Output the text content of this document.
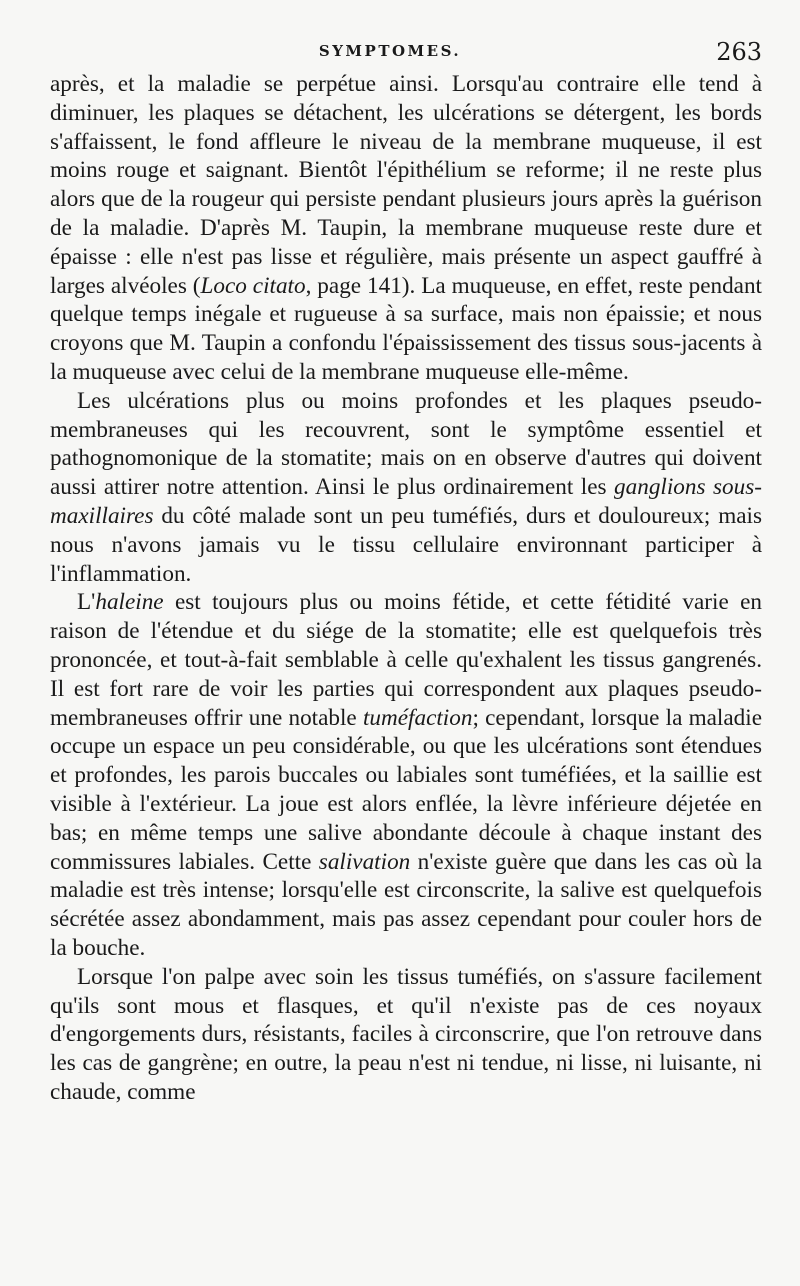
SYMPTOMES.	263

après, et la maladie se perpétue ainsi. Lorsqu'au contraire elle tend à diminuer, les plaques se détachent, les ulcérations se détergent, les bords s'affaissent, le fond affleure le niveau de la membrane muqueuse, il est moins rouge et saignant. Bientôt l'épithélium se reforme; il ne reste plus alors que de la rougeur qui persiste pendant plusieurs jours après la guérison de la maladie. D'après M. Taupin, la membrane muqueuse reste dure et épaisse : elle n'est pas lisse et régulière, mais présente un aspect gauffré à larges alvéoles (Loco citato, page 141). La muqueuse, en effet, reste pendant quelque temps inégale et rugueuse à sa surface, mais non épaissie; et nous croyons que M. Taupin a confondu l'épaississement des tissus sous-jacents à la muqueuse avec celui de la membrane muqueuse elle-même.

Les ulcérations plus ou moins profondes et les plaques pseudo-membraneuses qui les recouvrent, sont le symptôme essentiel et pathognomonique de la stomatite; mais on en observe d'autres qui doivent aussi attirer notre attention. Ainsi le plus ordinairement les ganglions sous-maxillaires du côté malade sont un peu tuméfiés, durs et douloureux; mais nous n'avons jamais vu le tissu cellulaire environnant participer à l'inflammation.

L'haleine est toujours plus ou moins fétide, et cette fétidité varie en raison de l'étendue et du siége de la stomatite; elle est quelquefois très prononcée, et tout-à-fait semblable à celle qu'exhalent les tissus gangrenés. Il est fort rare de voir les parties qui correspondent aux plaques pseudo-membraneuses offrir une notable tuméfaction; cependant, lorsque la maladie occupe un espace un peu considérable, ou que les ulcérations sont étendues et profondes, les parois buccales ou labiales sont tuméfiées, et la saillie est visible à l'extérieur. La joue est alors enflée, la lèvre inférieure déjetée en bas; en même temps une salive abondante découle à chaque instant des commissures labiales. Cette salivation n'existe guère que dans les cas où la maladie est très intense; lorsqu'elle est circonscrite, la salive est quelquefois sécrétée assez abondamment, mais pas assez cependant pour couler hors de la bouche.

Lorsque l'on palpe avec soin les tissus tuméfiés, on s'assure facilement qu'ils sont mous et flasques, et qu'il n'existe pas de ces noyaux d'engorgements durs, résistants, faciles à circonscrire, que l'on retrouve dans les cas de gangrène; en outre, la peau n'est ni tendue, ni lisse, ni luisante, ni chaude, comme
